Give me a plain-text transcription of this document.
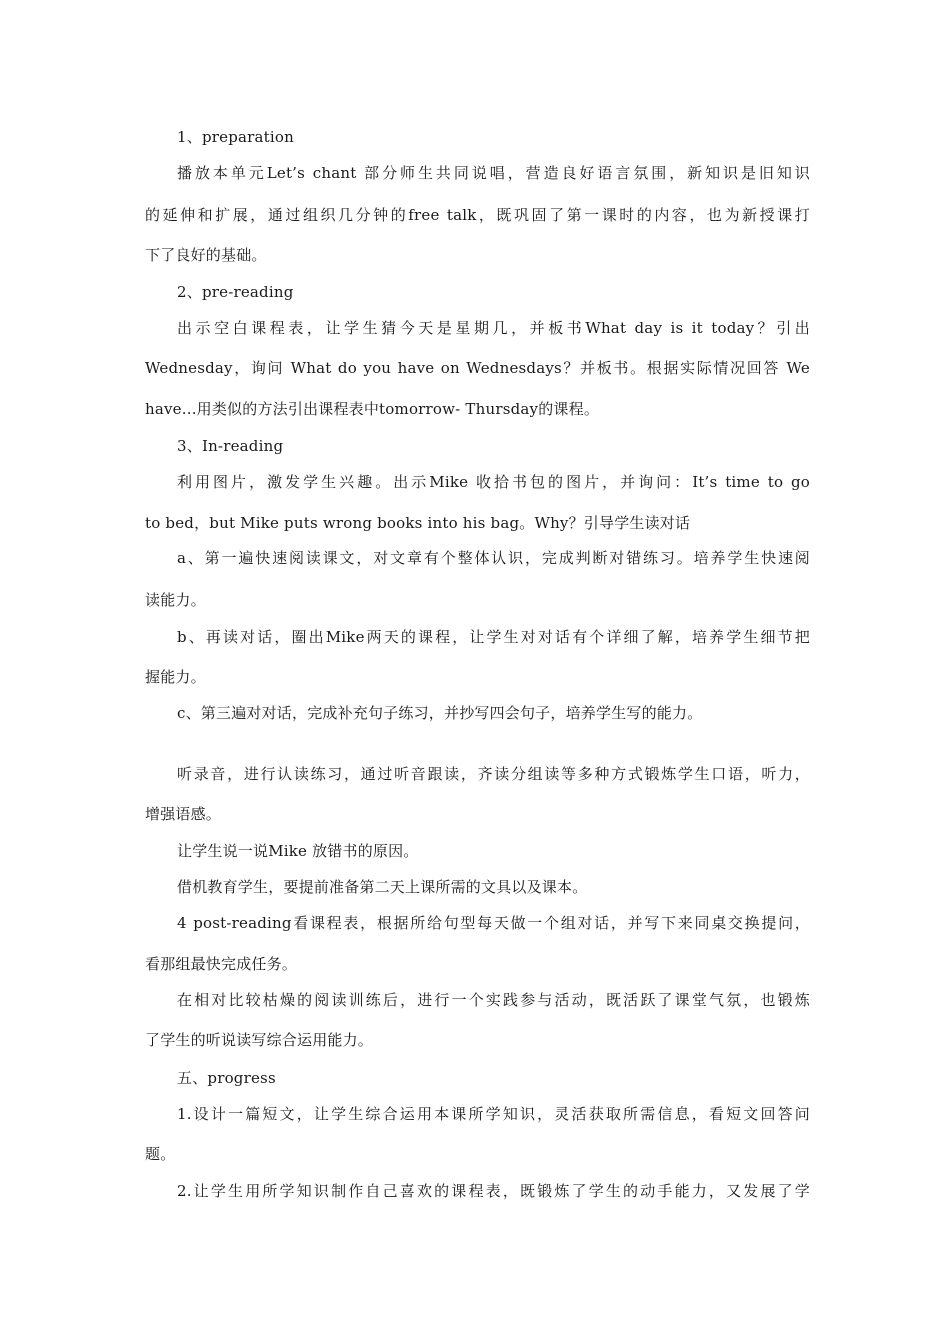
1、preparation
播放本单元Let’s chant 部分师生共同说唱，营造良好语言氛围，新知识是旧知识
的延伸和扩展，通过组织几分钟的free talk，既巩固了第一课时的内容，也为新授课打
下了良好的基础。
2、pre-reading
出示空白课程表，让学生猜今天是星期几，并板书What day is it today？引出
Wednesday，询问 What do you have on Wednesdays？并板书。根据实际情况回答 We
have...用类似的方法引出课程表中tomorrow- Thursday的课程。
3、In-reading
利用图片，激发学生兴趣。出示Mike 收拾书包的图片，并询问：It’s time to go
to bed，but Mike puts wrong books into his bag。Why？引导学生读对话
a、第一遍快速阅读课文，对文章有个整体认识，完成判断对错练习。培养学生快速阅
读能力。
b、再读对话，圈出Mike两天的课程，让学生对对话有个详细了解，培养学生细节把
握能力。
c、第三遍对对话，完成补充句子练习，并抄写四会句子，培养学生写的能力。
听录音，进行认读练习，通过听音跟读，齐读分组读等多种方式锻炼学生口语，听力，
增强语感。
让学生说一说Mike 放错书的原因。
借机教育学生，要提前准备第二天上课所需的文具以及课本。
4 post-reading看课程表，根据所给句型每天做一个组对话，并写下来同桌交换提问，
看那组最快完成任务。
在相对比较枯燥的阅读训练后，进行一个实践参与活动，既活跃了课堂气氛，也锻炼
了学生的听说读写综合运用能力。
五、progress
1.设计一篇短文，让学生综合运用本课所学知识，灵活获取所需信息，看短文回答问
题。
2.让学生用所学知识制作自己喜欢的课程表，既锻炼了学生的动手能力，又发展了学
